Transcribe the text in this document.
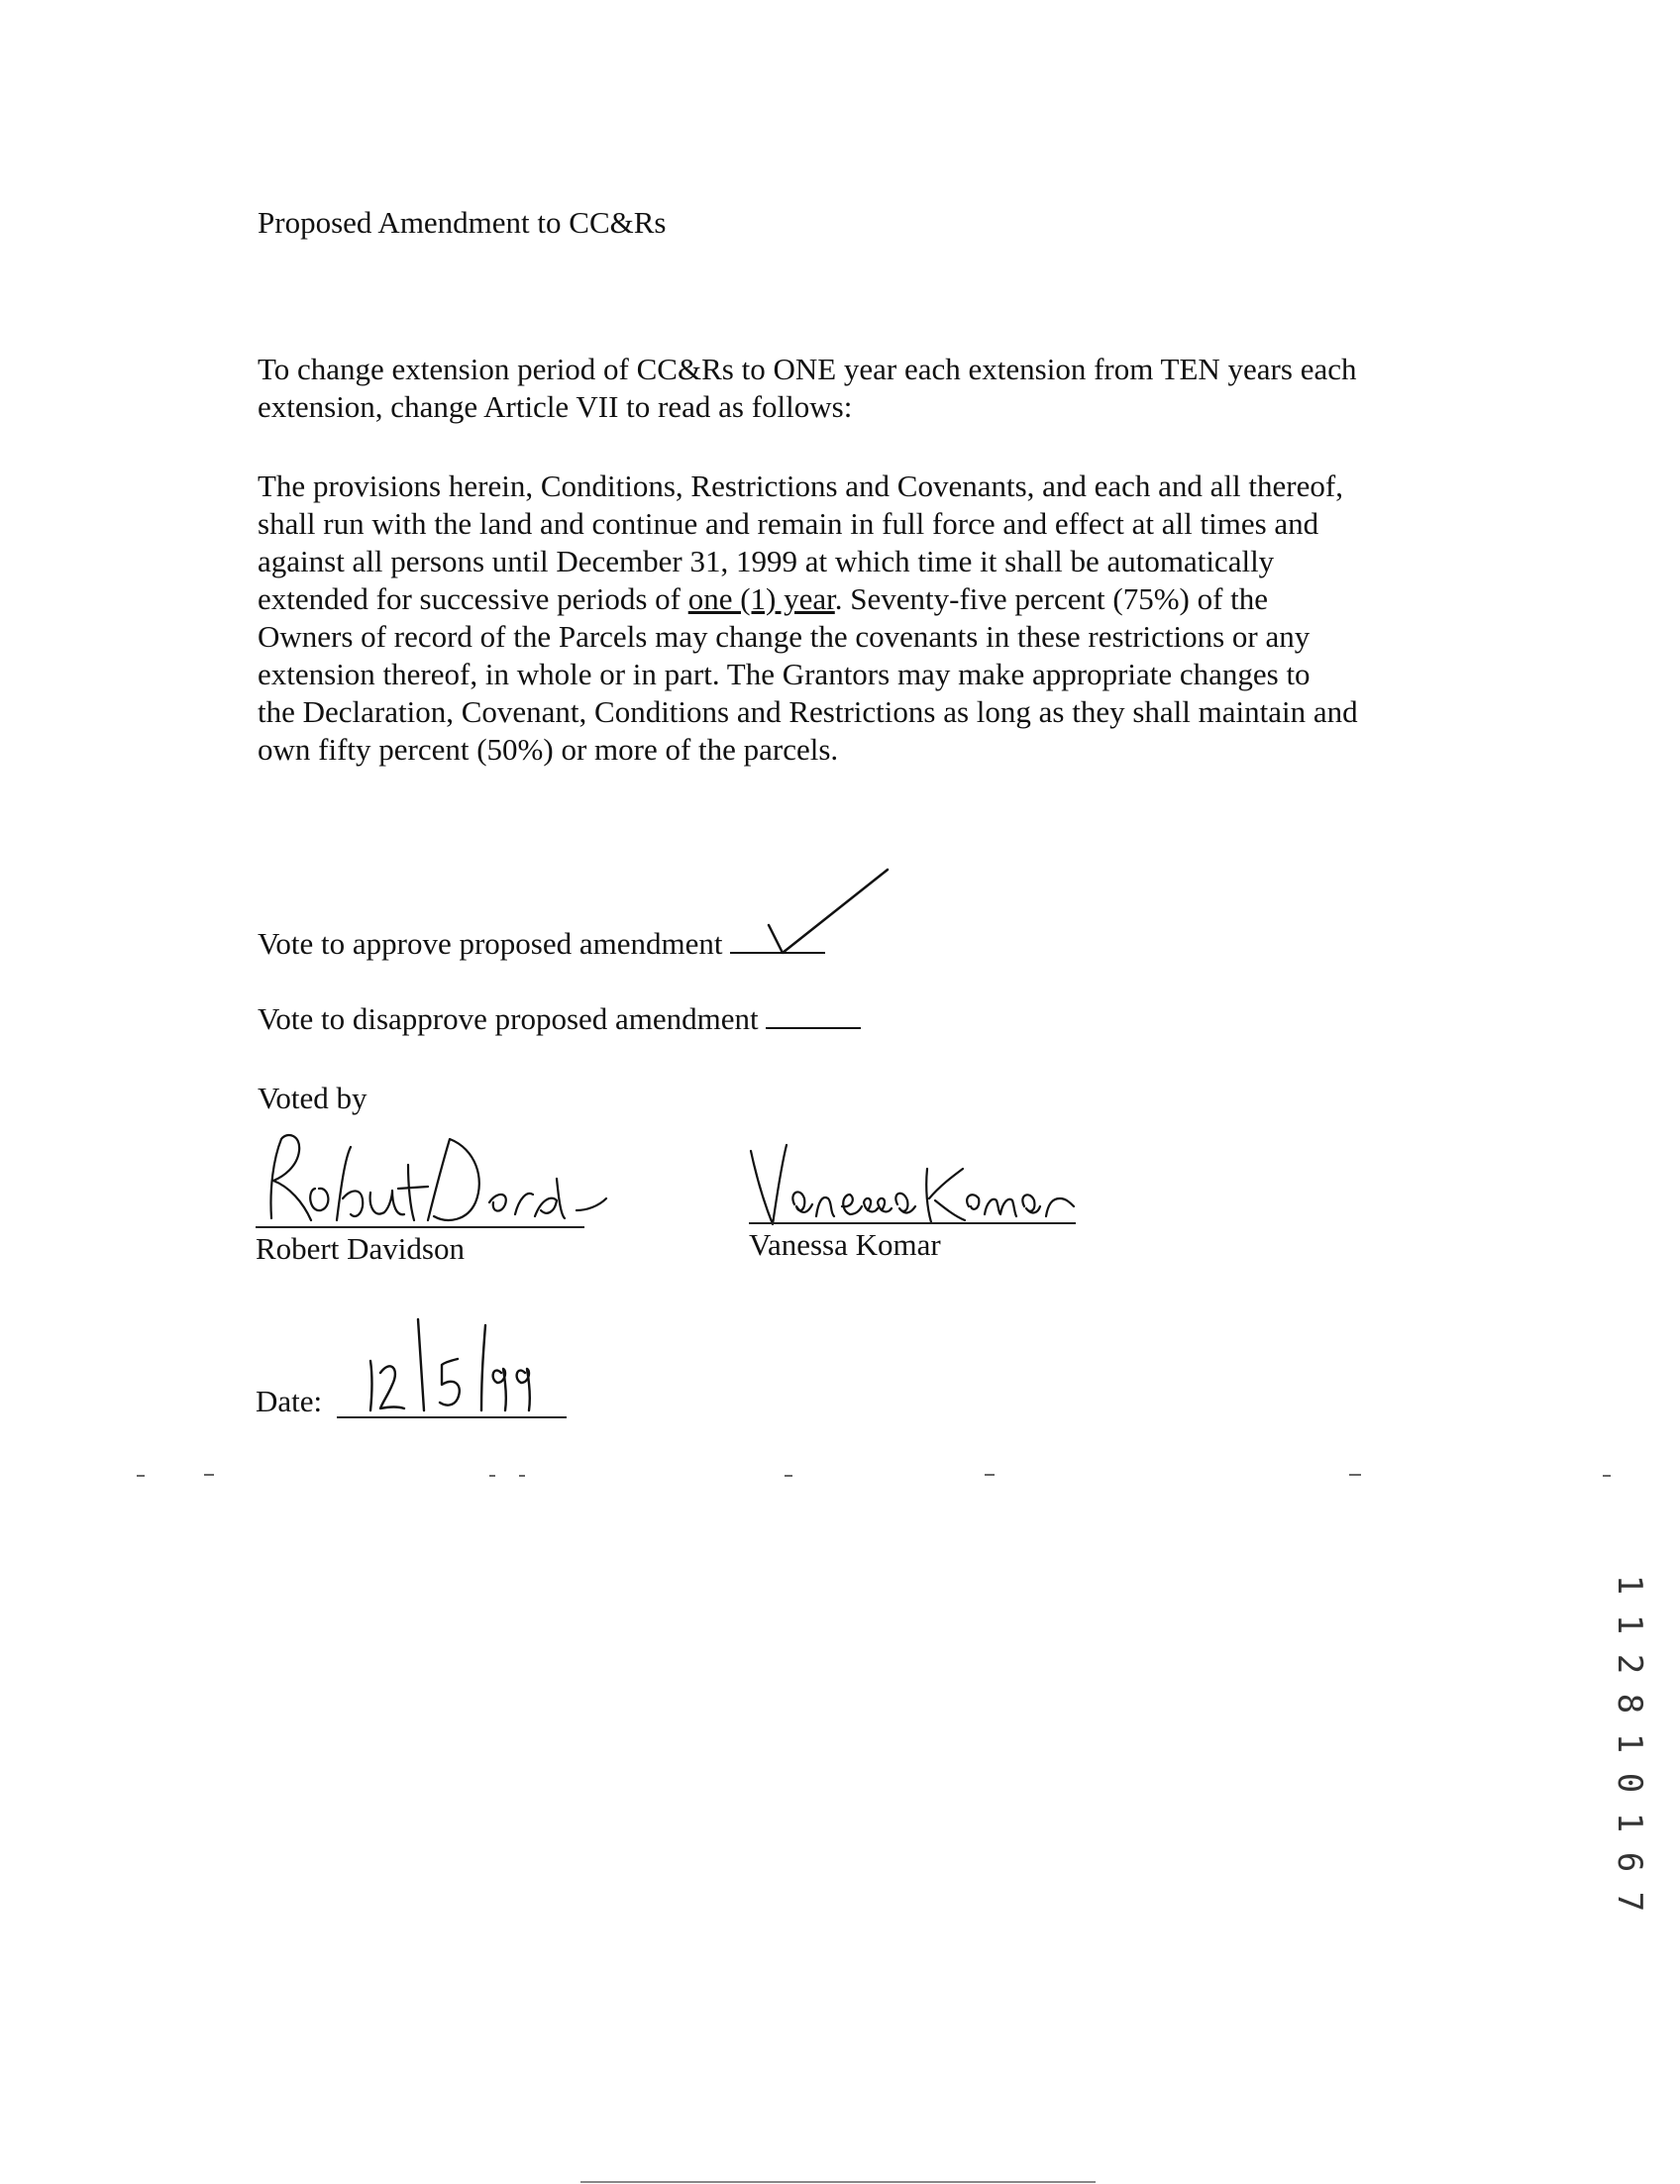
Proposed Amendment to CC&Rs
To change extension period of CC&Rs to ONE year each extension from TEN years each
extension, change Article VII to read as follows:
The provisions herein, Conditions, Restrictions and Covenants, and each and all thereof,
shall run with the land and continue and remain in full force and effect at all times and
against all persons until December 31, 1999 at which time it shall be automatically
extended for successive periods of one (1) year. Seventy-five percent (75%) of the
Owners of record of the Parcels may change the covenants in these restrictions or any
extension thereof, in whole or in part. The Grantors may make appropriate changes to
the Declaration, Covenant, Conditions and Restrictions as long as they shall maintain and
own fifty percent (50%) or more of the parcels.
Vote to approve proposed amendment
Vote to disapprove proposed amendment
Voted by
Robert Davidson	Vanessa Komar
Date:
1
1
2
8
1
0
1
6
7
